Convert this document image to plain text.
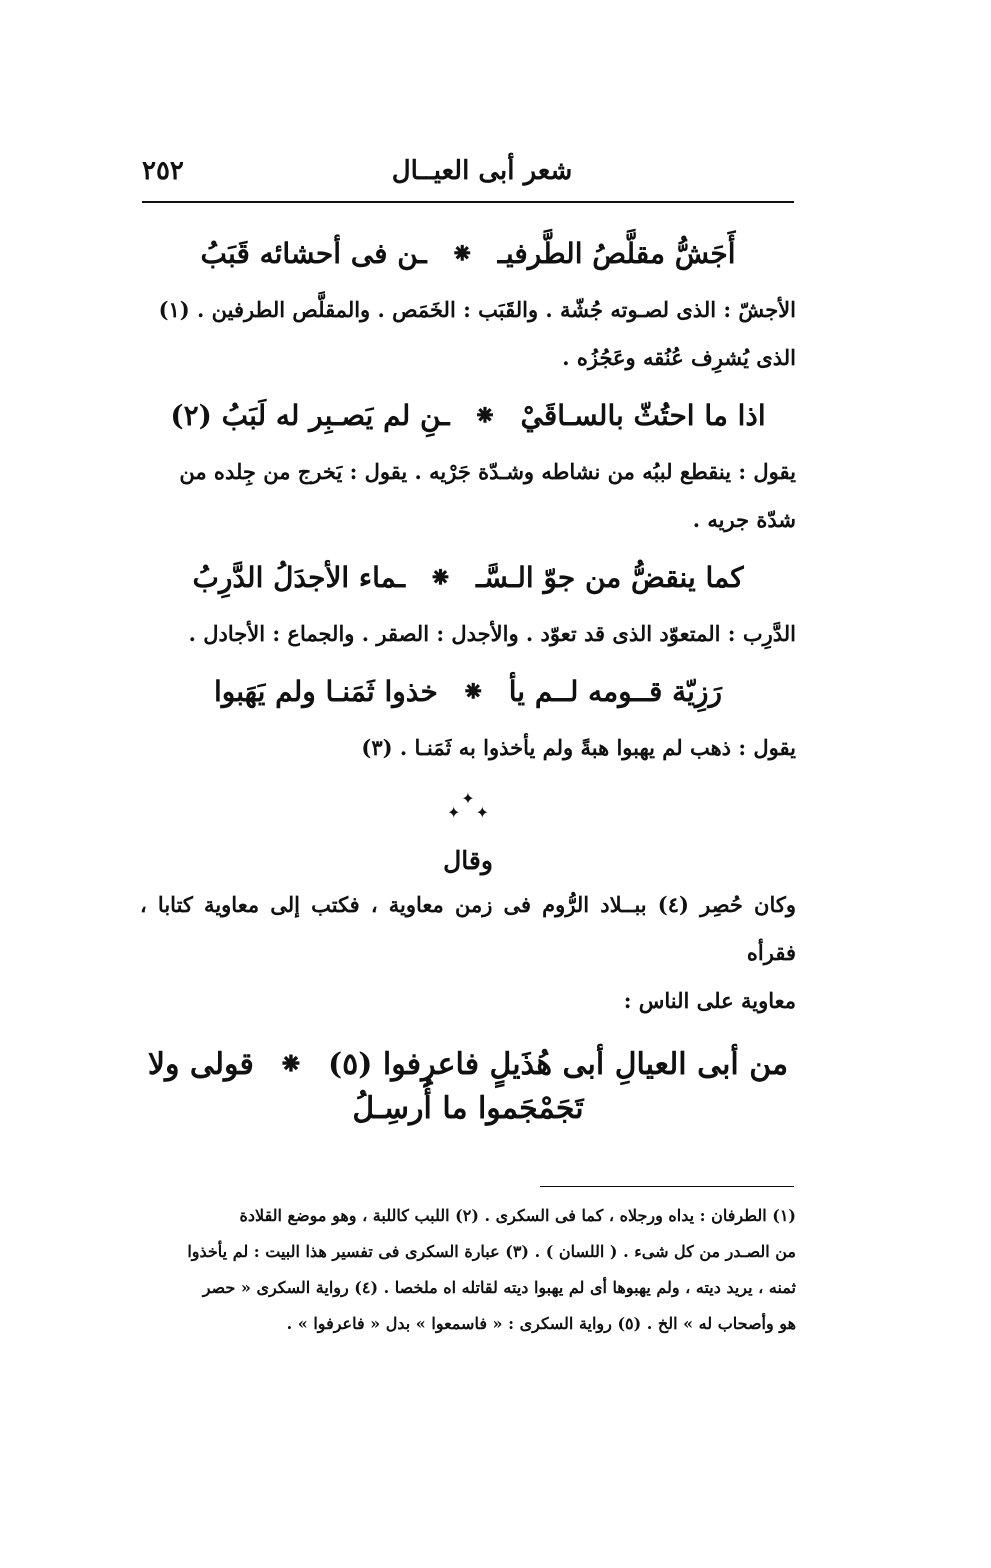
٢٥٢	شعر أبى العيــال
أَجَشُّ مقلَّصُ الطَّرفيـ ⁕ ـن فى أحشائه قَبَبُ
الأجشّ : الذى لصـوته جُشّة . والقَبَب : الخَمَص . والمقلَّص الطرفين . (١)
الذى يُشرِف عُنُقه وعَجُزُه .
اذا ما احتُثّ بالسـاقَيْ ⁕ ـنِ لم يَصـبِر له لَبَبُ (٢)
يقول : ينقطع لببُه من نشاطه وشـدّة جَرْيه . يقول : يَخرج من جِلده من
شدّة جريه .
كما ينقضُّ من جوّ الـسَّـ ⁕ ـماء الأجدَلُ الدَّرِبُ
الدَّرِب : المتعوّد الذى قد تعوّد . والأجدل : الصقر . والجماع : الأجادل .
رَزِيّة قــومه لــم يأ ⁕ خذوا ثَمَنـا ولم يَهَبوا
يقول : ذهب لم يهبوا هبةً ولم يأخذوا به ثَمَنـا . (٣)
✦
✦   ✦
وقال
وكان حُصِر (٤) ببــلاد الرُّوم فى زمن معاوية ، فكتب إلى معاوية كتابا ، فقرأه
معاوية على الناس :
من أبى العيالِ أبى هُذَيلٍ فاعرِفوا (٥) ⁕ قولى ولا تَجَمْجَموا ما أُرسِـلُ
(١) الطرفان : يداه ورجلاه ، كما فى السكرى . (٢) اللبب كاللبة ، وهو موضع القلادة
من الصـدر من كل شىء . ( اللسان ) . (٣) عبارة السكرى فى تفسير هذا البيت : لم يأخذوا
ثمنه ، يريد ديته ، ولم يهبوها أى لم يهبوا ديته لقاتله اه ملخصا . (٤) رواية السكرى « حصر
هو وأصحاب له » الخ . (٥) رواية السكرى : « فاسمعوا » بدل « فاعرفوا » .
